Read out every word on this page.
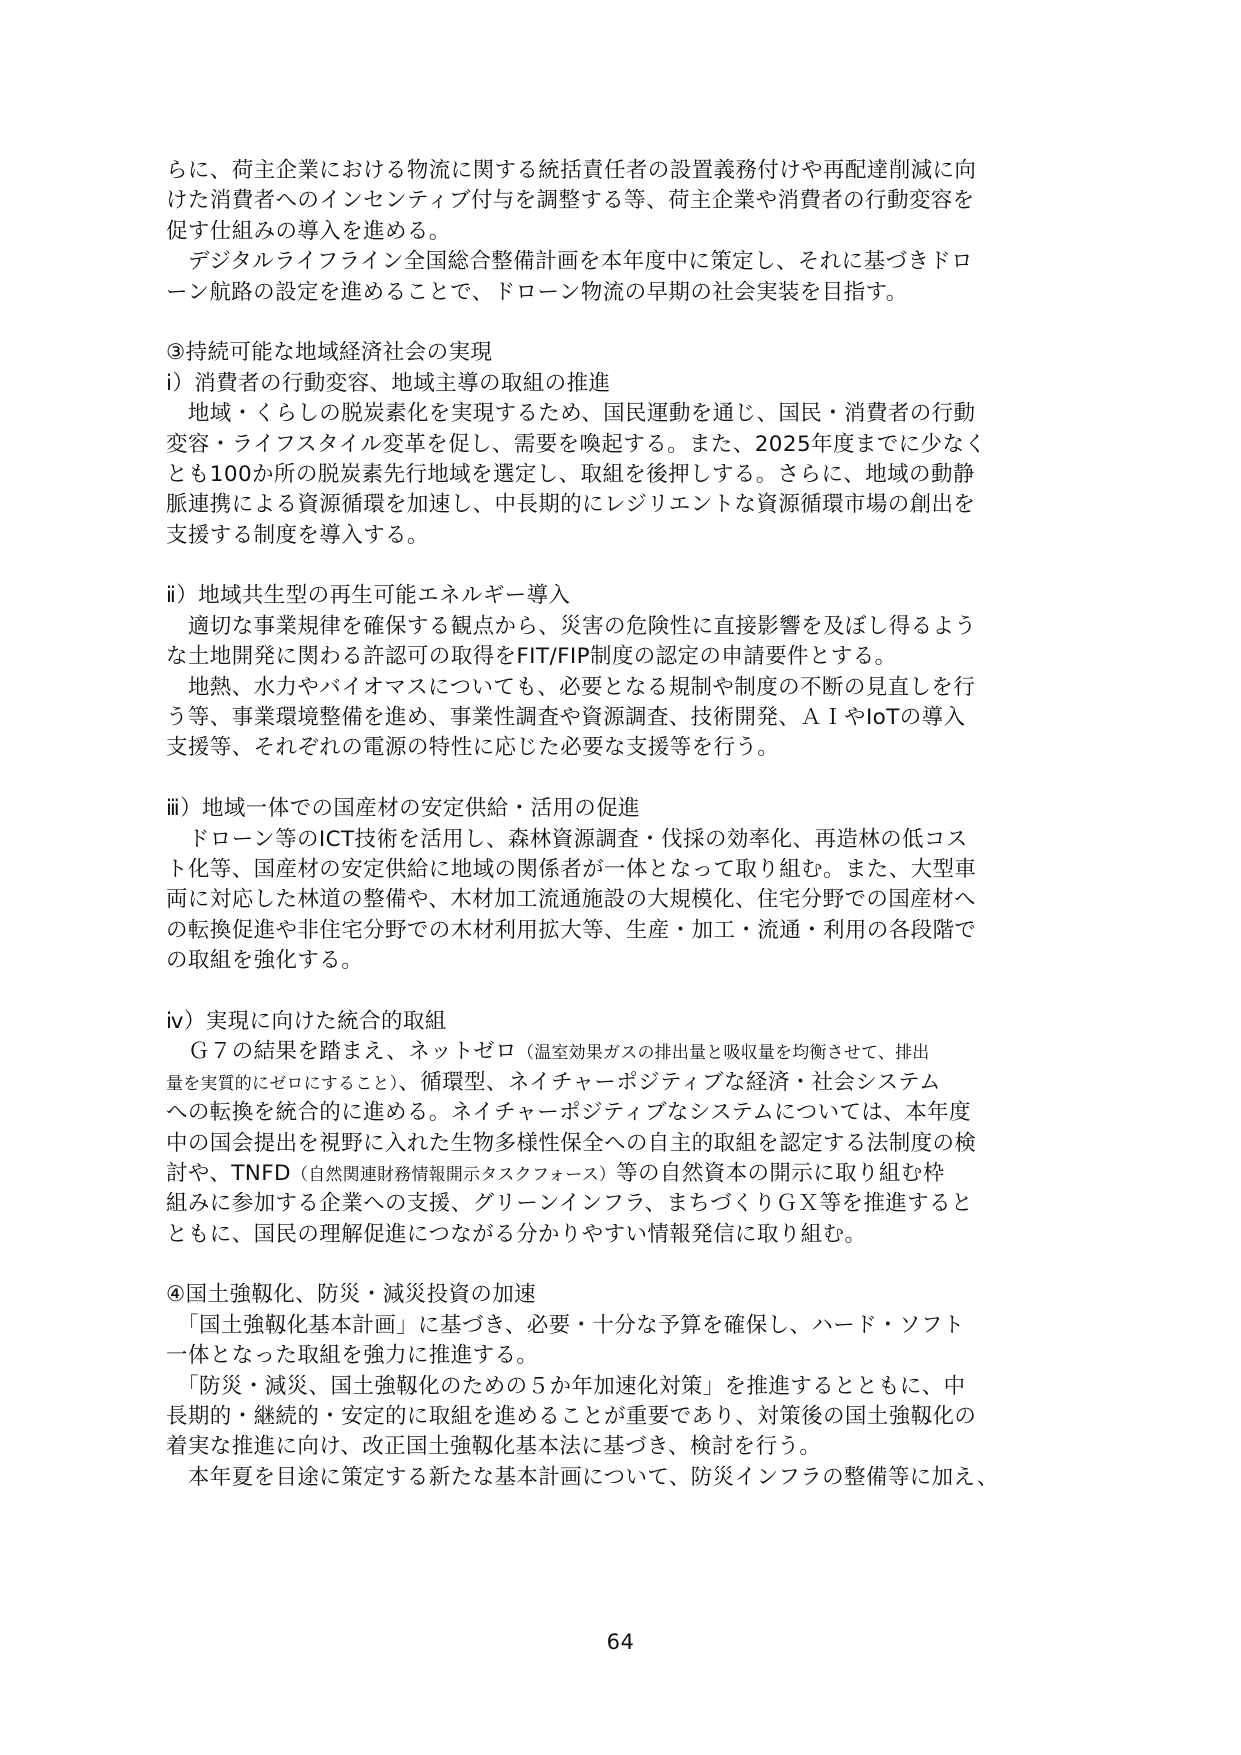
らに、荷主企業における物流に関する統括責任者の設置義務付けや再配達削減に向
けた消費者へのインセンティブ付与を調整する等、荷主企業や消費者の行動変容を
促す仕組みの導入を進める。
　デジタルライフライン全国総合整備計画を本年度中に策定し、それに基づきドロ
ーン航路の設定を進めることで、ドローン物流の早期の社会実装を目指す。
③持続可能な地域経済社会の実現
ⅰ）消費者の行動変容、地域主導の取組の推進
　地域・くらしの脱炭素化を実現するため、国民運動を通じ、国民・消費者の行動
変容・ライフスタイル変革を促し、需要を喚起する。また、2025年度までに少なく
とも100か所の脱炭素先行地域を選定し、取組を後押しする。さらに、地域の動静
脈連携による資源循環を加速し、中長期的にレジリエントな資源循環市場の創出を
支援する制度を導入する。
ⅱ）地域共生型の再生可能エネルギー導入
　適切な事業規律を確保する観点から、災害の危険性に直接影響を及ぼし得るよう
な土地開発に関わる許認可の取得をFIT/FIP制度の認定の申請要件とする。
　地熱、水力やバイオマスについても、必要となる規制や制度の不断の見直しを行
う等、事業環境整備を進め、事業性調査や資源調査、技術開発、ＡＩやIoTの導入
支援等、それぞれの電源の特性に応じた必要な支援等を行う。
ⅲ）地域一体での国産材の安定供給・活用の促進
　ドローン等のICT技術を活用し、森林資源調査・伐採の効率化、再造林の低コス
ト化等、国産材の安定供給に地域の関係者が一体となって取り組む。また、大型車
両に対応した林道の整備や、木材加工流通施設の大規模化、住宅分野での国産材へ
の転換促進や非住宅分野での木材利用拡大等、生産・加工・流通・利用の各段階で
の取組を強化する。
ⅳ）実現に向けた統合的取組
　Ｇ７の結果を踏まえ、ネットゼロ（温室効果ガスの排出量と吸収量を均衡させて、排出
量を実質的にゼロにすること）、循環型、ネイチャーポジティブな経済・社会システム
への転換を統合的に進める。ネイチャーポジティブなシステムについては、本年度
中の国会提出を視野に入れた生物多様性保全への自主的取組を認定する法制度の検
討や、TNFD（自然関連財務情報開示タスクフォース）等の自然資本の開示に取り組む枠
組みに参加する企業への支援、グリーンインフラ、まちづくりＧＸ等を推進すると
ともに、国民の理解促進につながる分かりやすい情報発信に取り組む。
④国土強靱化、防災・減災投資の加速
　「国土強靱化基本計画」に基づき、必要・十分な予算を確保し、ハード・ソフト
一体となった取組を強力に推進する。
　「防災・減災、国土強靱化のための５か年加速化対策」を推進するとともに、中
長期的・継続的・安定的に取組を進めることが重要であり、対策後の国土強靱化の
着実な推進に向け、改正国土強靱化基本法に基づき、検討を行う。
　本年夏を目途に策定する新たな基本計画について、防災インフラの整備等に加え、
64
